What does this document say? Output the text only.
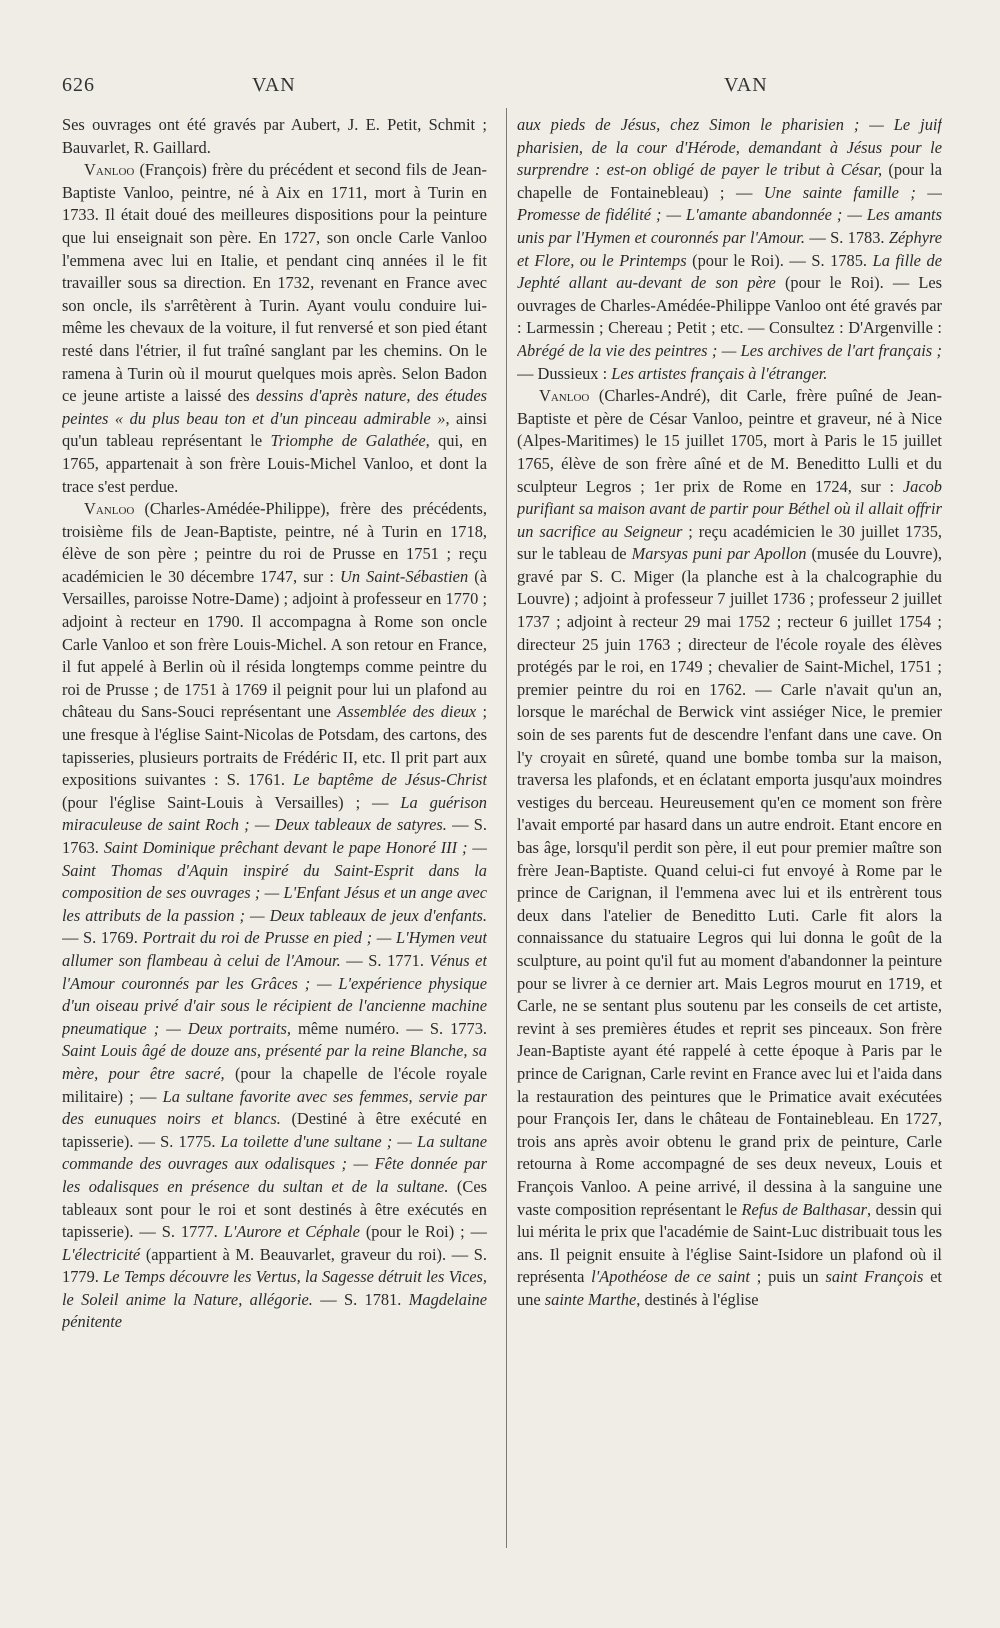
626	VAN	VAN

Ses ouvrages ont été gravés par Aubert, J. E. Petit, Schmit ; Bauvarlet, R. Gaillard.

Vanloo (François) frère du précédent et second fils de Jean-Baptiste Vanloo, peintre, né à Aix en 1711, mort à Turin en 1733. Il était doué des meilleures dispositions pour la peinture que lui enseignait son père. En 1727, son oncle Carle Vanloo l'emmena avec lui en Italie, et pendant cinq années il le fit travailler sous sa direction. En 1732, revenant en France avec son oncle, ils s'arrêtèrent à Turin. Ayant voulu conduire lui-même les chevaux de la voiture, il fut renversé et son pied étant resté dans l'étrier, il fut traîné sanglant par les chemins. On le ramena à Turin où il mourut quelques mois après. Selon Badon ce jeune artiste a laissé des dessins d'après nature, des études peintes « du plus beau ton et d'un pinceau admirable », ainsi qu'un tableau représentant le Triomphe de Galathée, qui, en 1765, appartenait à son frère Louis-Michel Vanloo, et dont la trace s'est perdue.

Vanloo (Charles-Amédée-Philippe), frère des précédents, troisième fils de Jean-Baptiste, peintre, né à Turin en 1718, élève de son père ; peintre du roi de Prusse en 1751 ; reçu académicien le 30 décembre 1747, sur : Un Saint-Sébastien (à Versailles, paroisse Notre-Dame) ; adjoint à professeur en 1770 ; adjoint à recteur en 1790. Il accompagna à Rome son oncle Carle Vanloo et son frère Louis-Michel. A son retour en France, il fut appelé à Berlin où il résida longtemps comme peintre du roi de Prusse ; de 1751 à 1769 il peignit pour lui un plafond au château du Sans-Souci représentant une Assemblée des dieux ; une fresque à l'église Saint-Nicolas de Potsdam, des cartons, des tapisseries, plusieurs portraits de Frédéric II, etc. Il prit part aux expositions suivantes : S. 1761. Le baptême de Jésus-Christ (pour l'église Saint-Louis à Versailles) ; — La guérison miraculeuse de saint Roch ; — Deux tableaux de satyres. — S. 1763. Saint Dominique prêchant devant le pape Honoré III ; — Saint Thomas d'Aquin inspiré du Saint-Esprit dans la composition de ses ouvrages ; — L'Enfant Jésus et un ange avec les attributs de la passion ; — Deux tableaux de jeux d'enfants. — S. 1769. Portrait du roi de Prusse en pied ; — L'Hymen veut allumer son flambeau à celui de l'Amour. — S. 1771. Vénus et l'Amour couronnés par les Grâces ; — L'expérience physique d'un oiseau privé d'air sous le récipient de l'ancienne machine pneumatique ; — Deux portraits, même numéro. — S. 1773. Saint Louis âgé de douze ans, présenté par la reine Blanche, sa mère, pour être sacré, (pour la chapelle de l'école royale militaire) ; — La sultane favorite avec ses femmes, servie par des eunuques noirs et blancs. (Destiné à être exécuté en tapisserie). — S. 1775. La toilette d'une sultane ; — La sultane commande des ouvrages aux odalisques ; — Fête donnée par les odalisques en présence du sultan et de la sultane. (Ces tableaux sont pour le roi et sont destinés à être exécutés en tapisserie). — S. 1777. L'Aurore et Céphale (pour le Roi) ; — L'électricité (appartient à M. Beauvarlet, graveur du roi). — S. 1779. Le Temps découvre les Vertus, la Sagesse détruit les Vices, le Soleil anime la Nature, allégorie. — S. 1781. Magdelaine pénitente

aux pieds de Jésus, chez Simon le pharisien ; — Le juif pharisien, de la cour d'Hérode, demandant à Jésus pour le surprendre : est-on obligé de payer le tribut à César, (pour la chapelle de Fontainebleau) ; — Une sainte famille ; — Promesse de fidélité ; — L'amante abandonnée ; — Les amants unis par l'Hymen et couronnés par l'Amour. — S. 1783. Zéphyre et Flore, ou le Printemps (pour le Roi). — S. 1785. La fille de Jephté allant au-devant de son père (pour le Roi). — Les ouvrages de Charles-Amédée-Philippe Vanloo ont été gravés par : Larmessin ; Chereau ; Petit ; etc. — Consultez : D'Argenville : Abrégé de la vie des peintres ; — Les archives de l'art français ; — Dussieux : Les artistes français à l'étranger.

Vanloo (Charles-André), dit Carle, frère puîné de Jean-Baptiste et père de César Vanloo, peintre et graveur, né à Nice (Alpes-Maritimes) le 15 juillet 1705, mort à Paris le 15 juillet 1765, élève de son frère aîné et de M. Beneditto Lulli et du sculpteur Legros ; 1er prix de Rome en 1724, sur : Jacob purifiant sa maison avant de partir pour Béthel où il allait offrir un sacrifice au Seigneur ; reçu académicien le 30 juillet 1735, sur le tableau de Marsyas puni par Apollon (musée du Louvre), gravé par S. C. Miger (la planche est à la chalcographie du Louvre) ; adjoint à professeur 7 juillet 1736 ; professeur 2 juillet 1737 ; adjoint à recteur 29 mai 1752 ; recteur 6 juillet 1754 ; directeur 25 juin 1763 ; directeur de l'école royale des élèves protégés par le roi, en 1749 ; chevalier de Saint-Michel, 1751 ; premier peintre du roi en 1762. — Carle n'avait qu'un an, lorsque le maréchal de Berwick vint assiéger Nice, le premier soin de ses parents fut de descendre l'enfant dans une cave. On l'y croyait en sûreté, quand une bombe tomba sur la maison, traversa les plafonds, et en éclatant emporta jusqu'aux moindres vestiges du berceau. Heureusement qu'en ce moment son frère l'avait emporté par hasard dans un autre endroit. Etant encore en bas âge, lorsqu'il perdit son père, il eut pour premier maître son frère Jean-Baptiste. Quand celui-ci fut envoyé à Rome par le prince de Carignan, il l'emmena avec lui et ils entrèrent tous deux dans l'atelier de Beneditto Luti. Carle fit alors la connaissance du statuaire Legros qui lui donna le goût de la sculpture, au point qu'il fut au moment d'abandonner la peinture pour se livrer à ce dernier art. Mais Legros mourut en 1719, et Carle, ne se sentant plus soutenu par les conseils de cet artiste, revint à ses premières études et reprit ses pinceaux. Son frère Jean-Baptiste ayant été rappelé à cette époque à Paris par le prince de Carignan, Carle revint en France avec lui et l'aida dans la restauration des peintures que le Primatice avait exécutées pour François Ier, dans le château de Fontainebleau. En 1727, trois ans après avoir obtenu le grand prix de peinture, Carle retourna à Rome accompagné de ses deux neveux, Louis et François Vanloo. A peine arrivé, il dessina à la sanguine une vaste composition représentant le Refus de Balthasar, dessin qui lui mérita le prix que l'académie de Saint-Luc distribuait tous les ans. Il peignit ensuite à l'église Saint-Isidore un plafond où il représenta l'Apothéose de ce saint ; puis un saint François et une sainte Marthe, destinés à l'église
